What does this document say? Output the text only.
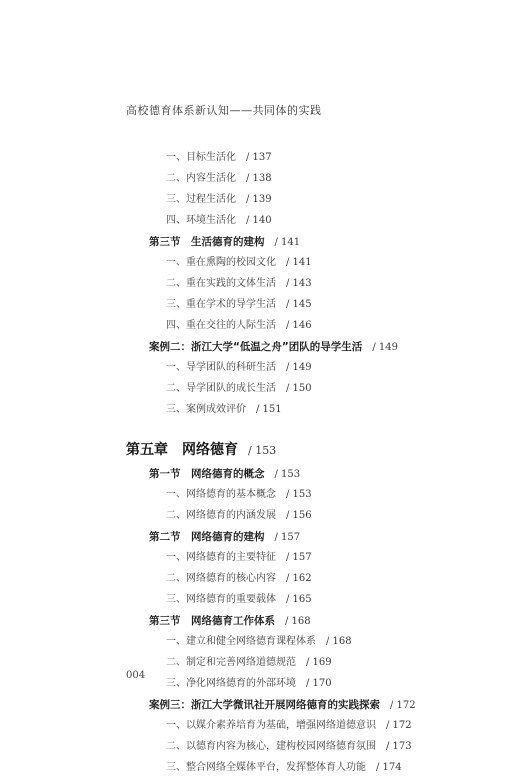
高校德育体系新认知——共同体的实践
一、目标生活化 / 137
二、内容生活化 / 138
三、过程生活化 / 139
四、环境生活化 / 140
第三节　生活德育的建构 / 141
一、重在熏陶的校园文化 / 141
二、重在实践的文体生活 / 143
三、重在学术的导学生活 / 145
四、重在交往的人际生活 / 146
案例二：浙江大学“低温之舟”团队的导学生活 / 149
一、导学团队的科研生活 / 149
二、导学团队的成长生活 / 150
三、案例成效评价 / 151
第五章　网络德育 / 153
第一节　网络德育的概念 / 153
一、网络德育的基本概念 / 153
二、网络德育的内涵发展 / 156
第二节　网络德育的建构 / 157
一、网络德育的主要特征 / 157
二、网络德育的核心内容 / 162
三、网络德育的重要载体 / 165
第三节　网络德育工作体系 / 168
一、建立和健全网络德育课程体系 / 168
二、制定和完善网络道德规范 / 169
三、净化网络德育的外部环境 / 170
案例三：浙江大学微讯社开展网络德育的实践探索 / 172
一、以媒介素养培育为基础，增强网络道德意识 / 172
二、以德育内容为核心，建构校园网络德育氛围 / 173
三、整合网络全媒体平台，发挥整体育人功能 / 174
004
